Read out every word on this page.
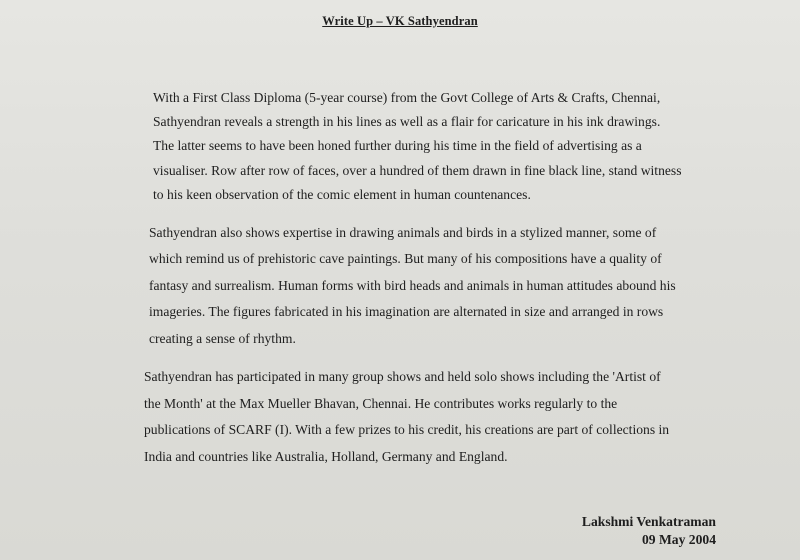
Write Up – VK Sathyendran

With a First Class Diploma (5-year course) from the Govt College of Arts & Crafts, Chennai,
Sathyendran reveals a strength in his lines as well as a flair for caricature in his ink drawings.
The latter seems to have been honed further during his time in the field of advertising as a
visualiser. Row after row of faces, over a hundred of them drawn in fine black line, stand witness
to his keen observation of the comic element in human countenances.

Sathyendran also shows expertise in drawing animals and birds in a stylized manner, some of
which remind us of prehistoric cave paintings. But many of his compositions have a quality of
fantasy and surrealism. Human forms with bird heads and animals in human attitudes abound his
imageries. The figures fabricated in his imagination are alternated in size and arranged in rows
creating a sense of rhythm.

Sathyendran has participated in many group shows and held solo shows including the 'Artist of
the Month' at the Max Mueller Bhavan, Chennai. He contributes works regularly to the
publications of SCARF (I). With a few prizes to his credit, his creations are part of collections in
India and countries like Australia, Holland, Germany and England.

Lakshmi Venkatraman
09 May 2004
